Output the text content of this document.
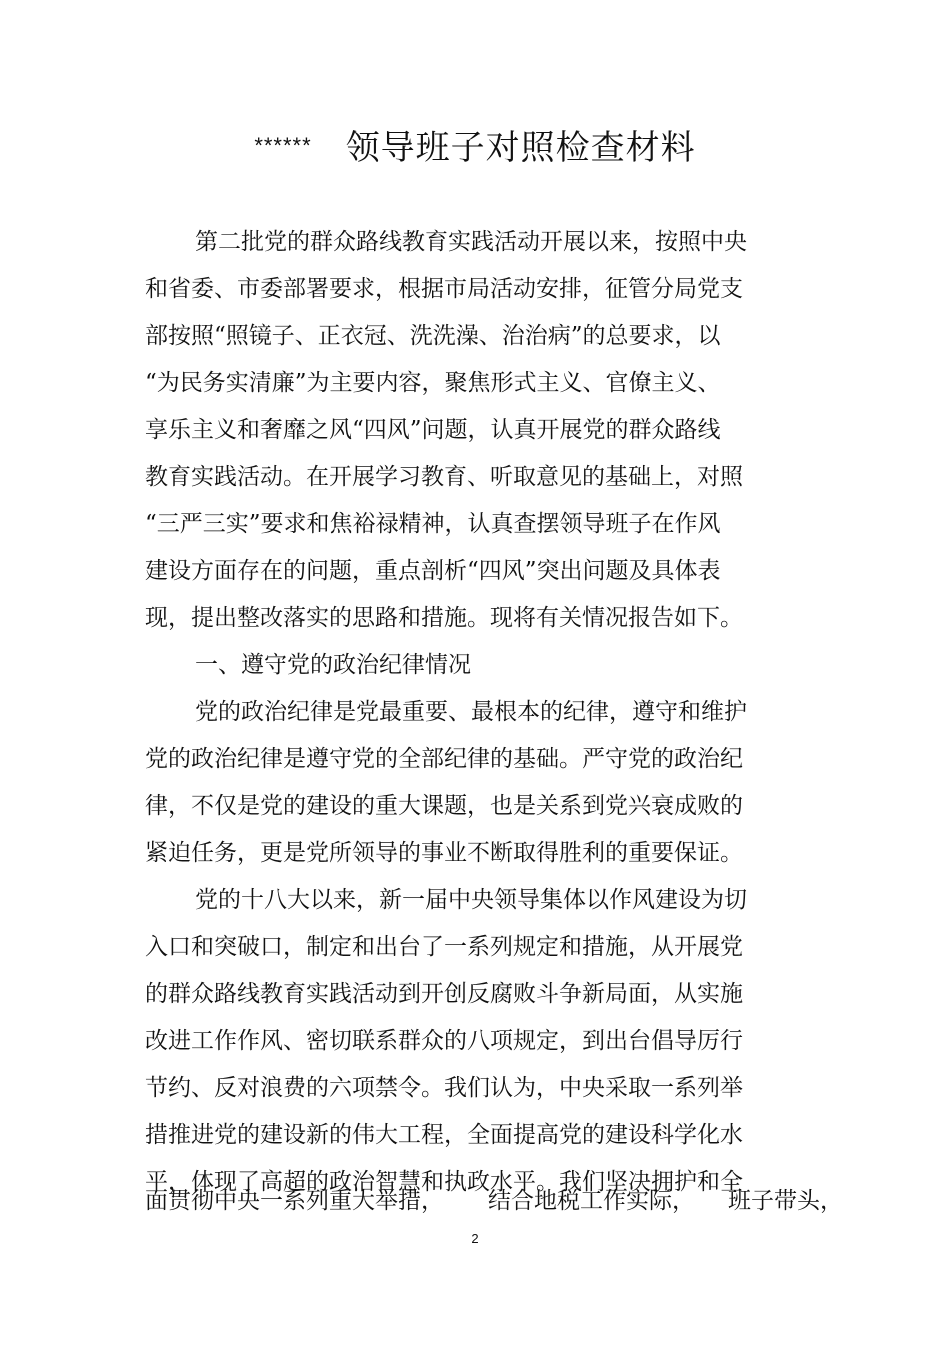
****** 领导班子对照检查材料
第二批党的群众路线教育实践活动开展以来，按照中央
和省委、市委部署要求，根据市局活动安排，征管分局党支
部按照“照镜子、正衣冠、洗洗澡、治治病”的总要求，以
“为民务实清廉”为主要内容，聚焦形式主义、官僚主义、
享乐主义和奢靡之风“四风”问题，认真开展党的群众路线
教育实践活动。在开展学习教育、听取意见的基础上，对照
“三严三实”要求和焦裕禄精神，认真查摆领导班子在作风
建设方面存在的问题，重点剖析“四风”突出问题及具体表
现，提出整改落实的思路和措施。现将有关情况报告如下。
一、遵守党的政治纪律情况
党的政治纪律是党最重要、最根本的纪律，遵守和维护
党的政治纪律是遵守党的全部纪律的基础。严守党的政治纪
律，不仅是党的建设的重大课题，也是关系到党兴衰成败的
紧迫任务，更是党所领导的事业不断取得胜利的重要保证。
党的十八大以来，新一届中央领导集体以作风建设为切
入口和突破口，制定和出台了一系列规定和措施，从开展党
的群众路线教育实践活动到开创反腐败斗争新局面，从实施
改进工作作风、密切联系群众的八项规定，到出台倡导厉行
节约、反对浪费的六项禁令。我们认为，中央采取一系列举
措推进党的建设新的伟大工程，全面提高党的建设科学化水
平，体现了高超的政治智慧和执政水平。我们坚决拥护和全
面贯彻中央一系列重大举措， 结合地税工作实际， 班子带头，
2
